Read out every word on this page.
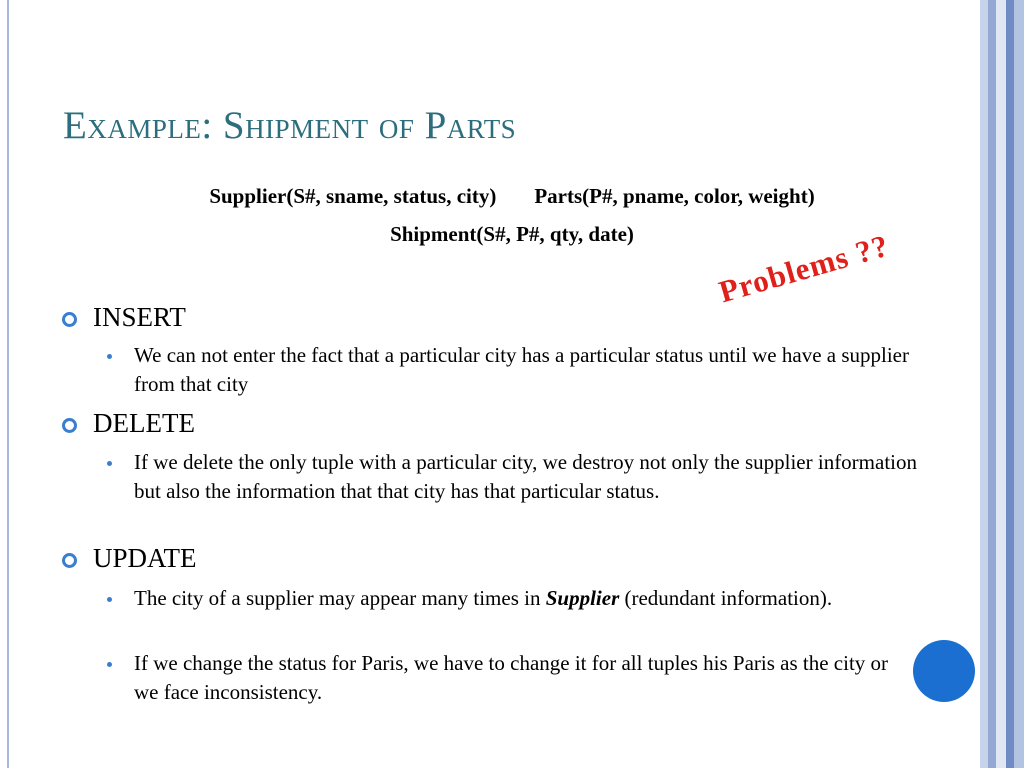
Example: Shipment of Parts
Supplier(S#, sname, status, city) Parts(P#, pname, color, weight)
Shipment(S#, P#, qty, date)	Problems ??
INSERT
We can not enter the fact that a particular city has a particular status until we have a supplier from that city
DELETE
If we delete the only tuple with a particular city, we destroy not only the supplier information but also the information that that city has that particular status.
UPDATE
The city of a supplier may appear many times in Supplier (redundant information).
If we change the status for Paris, we have to change it for all tuples his Paris as the city or we face inconsistency.
